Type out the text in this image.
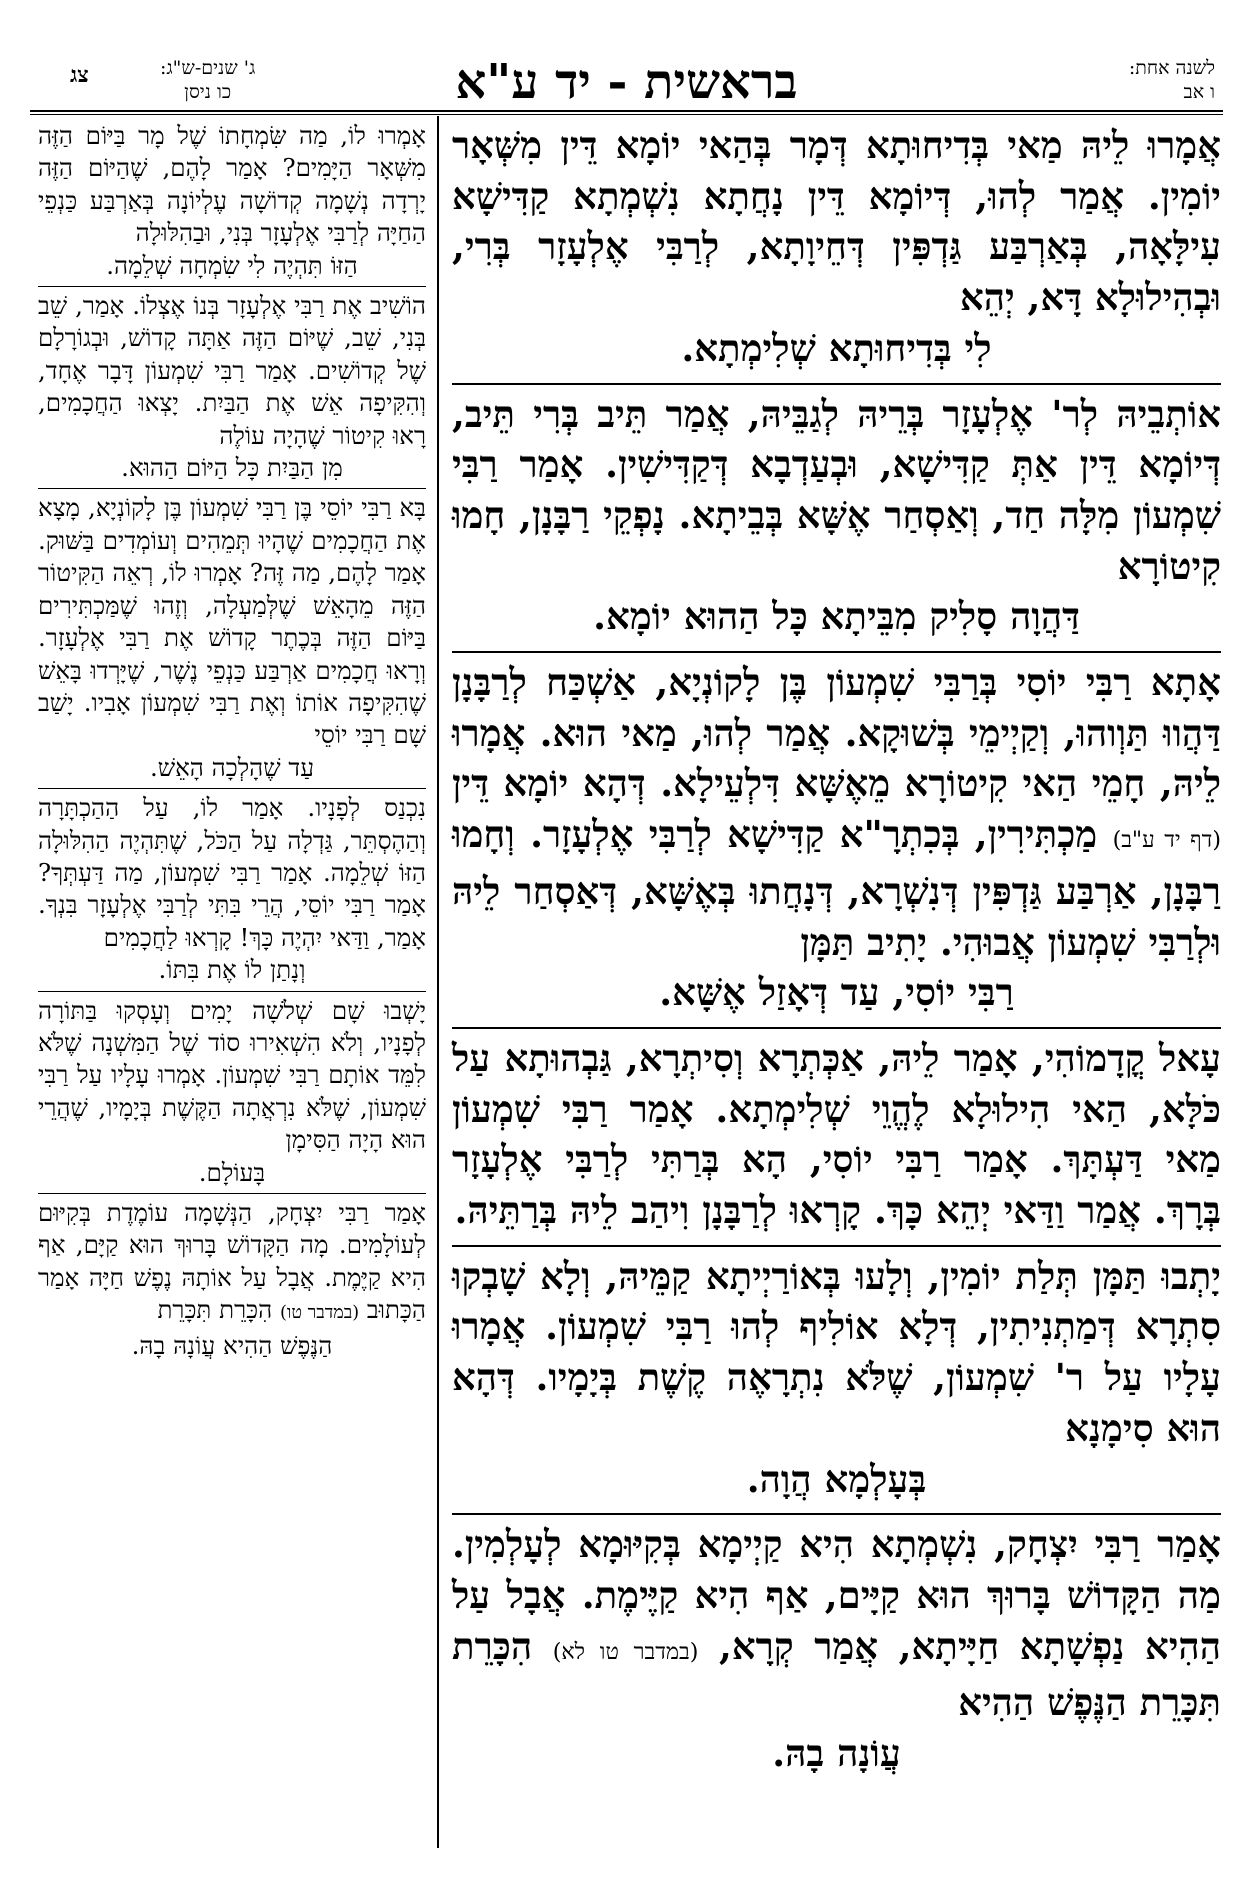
לשנה אחת:
ו אב
בראשית - יד ע"א
ג' שנים-ש"ג:
כו ניסן
צג

אֲמָרוּ לֵיהּ מַאי בְּדִיחוּתָא דְּמָר בְּהַאי יוֹמָא דֵּין מִשְּׁאָר יוֹמִין. אֲמַר לְהוּ, דְּיוֹמָא דֵּין נָחֲתָא נִשְׁמְתָא קַדִּישָׁא עִילָּאָה, בְּאַרְבַּע גַּדְפִּין דְּחֵיוָתָא, לְרַבִּי אֶלְעָזָר בְּרִי, וּבְהִילוּלָא דָּא, יְהֵא
לִי בְּדִיחוּתָא שְׁלִימְתָא.

אוֹתְבֵיהּ לְר' אֶלְעָזָר בְּרֵיהּ לְגַבֵּיהּ, אֲמַר תֵּיב בְּרִי תֵּיב, דְּיוֹמָא דֵּין אַתְּ קַדִּישָׁא, וּבְעַדְבָא דְּקַדִּישִׁין. אָמַר רַבִּי שִׁמְעוֹן מִלָּה חַד, וְאַסְחַר אֶשָּׁא בְּבֵיתָא. נָפְקֵי רַבָּנָן, חָמוּ קִיטוֹרָא
דַּהֲוָה סָלִיק מִבֵּיתָא כָּל הַהוּא יוֹמָא.

אָתָא רַבִּי יוֹסִי בְּרַבִּי שִׁמְעוֹן בֶּן לָקוֹנְיָא, אַשְׁכַּח לְרַבָּנָן דַּהֲווּ תַּוְוהוּ, וְקַיְימֵי בְּשׁוּקָא. אֲמַר לְהוּ, מַאי הוּא. אֲמָרוּ לֵיהּ, חָמֵי הַאי קִיטוֹרָא מֵאֶשָּׁא דִּלְעֵילָא. דְּהָא יוֹמָא דֵּין (דף יד ע"ב) מַכְתִּירִין, בְּכִתְרָ"א קַדִּישָׁא לְרַבִּי אֶלְעָזָר. וְחָמוּ רַבָּנָן, אַרְבַּע גַּדְפִּין דְּנִשְׁרָא, דְּנָחֲתוּ בְּאֶשָּׁא, דְּאַסְחַר לֵיהּ וּלְרַבִּי שִׁמְעוֹן אֲבוּהִי. יָתִיב תַּמָּן
רַבִּי יוֹסִי, עַד דְּאָזַל אֶשָּׁא.

עָאל קֳדָמוֹהִי, אָמַר לֵיהּ, אַכְּתְרָא וְסִיתְרָא, גַּבְהוּתָא עַל כֹּלָּא, הַאי הִילוּלָא לֶהֱוֵי שְׁלִימְתָא. אָמַר רַבִּי שִׁמְעוֹן מַאי דַּעְתָּךְ. אָמַר רַבִּי יוֹסִי, הָא בְּרַתִּי לְרַבִּי אֶלְעָזָר בְּרָךְ. אֲמַר וַדַּאי יְהֵא כָּךְ. קָרְאוּ לְרַבָּנָן וִיהַב לֵיהּ בְּרַתֵּיהּ.

יָתְבוּ תַּמָּן תְּלַת יוֹמִין, וְלָעוּ בְּאוֹרַיְיתָא קַמֵּיהּ, וְלָא שָׁבְקוּ סִתְרָא דְּמַתְנִיתִין, דְּלָא אוֹלִיף לְהוּ רַבִּי שִׁמְעוֹן. אֲמָרוּ עָלָיו עַל ר' שִׁמְעוֹן, שֶׁלֹּא נִתְרָאֶה קֶשֶׁת בְּיָמָיו. דְּהָא הוּא סִימָנָא
בְּעָלְמָא הֲוָה.

אָמַר רַבִּי יִצְחָק, נִשְׁמְתָא הִיא קַיְימָא בְּקִיּוּמָא לְעָלְמִין. מַה הַקָּדוֹשׁ בָּרוּךְ הוּא קַיָּים, אַף הִיא קַיֶּימֶת. אֲבָל עַל הַהִיא נַפְשָׁתָא חַיָּיתָא, אֲמַר קְרָא, (במדבר טו לא) הִכָּרֵת תִּכָּרֵת הַנֶּפֶשׁ הַהִיא
עֲוֹנָה בָהּ.

אָמְרוּ לוֹ, מַה שִּׂמְחָתוֹ שֶׁל מָר בַּיּוֹם הַזֶּה מִשְּׁאָר הַיָּמִים? אָמַר לָהֶם, שֶׁהַיּוֹם הַזֶּה יָרְדָה נְשָׁמָה קְדוֹשָׁה עֶלְיוֹנָה בְּאַרְבַּע כַּנְפֵי הַחַיָּה לְרַבִּי אֶלְעָזָר בְּנִי, וּבַהִלּוּלָה
הַזּוֹ תִּהְיֶה לִי שִׂמְחָה שְׁלֵמָה.

הוֹשִׁיב אֶת רַבִּי אֶלְעָזָר בְּנוֹ אֶצְלוֹ. אָמַר, שֵׁב בְּנִי, שֵׁב, שֶׁיּוֹם הַזֶּה אַתָּה קָדוֹשׁ, וּבְגוֹרָלָם שֶׁל קְדוֹשִׁים. אָמַר רַבִּי שִׁמְעוֹן דָּבָר אֶחָד, וְהִקִּיפָה אֵשׁ אֶת הַבַּיִת. יָצְאוּ הַחֲכָמִים, רָאוּ קִיטוֹר שֶׁהָיָה עוֹלֶה
מִן הַבַּיִת כָּל הַיּוֹם הַהוּא.

בָּא רַבִּי יוֹסֵי בֶּן רַבִּי שִׁמְעוֹן בֶּן לָקוֹנְיָא, מָצָא אֶת הַחֲכָמִים שֶׁהָיוּ תְּמֵהִים וְעוֹמְדִים בַּשּׁוּק. אָמַר לָהֶם, מַה זֶּה? אָמְרוּ לוֹ, רְאֵה הַקִּיטוֹר הַזֶּה מֵהָאֵשׁ שֶׁלְּמַעְלָה, וְזֶהוּ שֶׁמַּכְתִּירִים בַּיּוֹם הַזֶּה בְּכֶתֶר קָדוֹשׁ אֶת רַבִּי אֶלְעָזָר. וְרָאוּ חֲכָמִים אַרְבַּע כַּנְפֵי נֶשֶׁר, שֶׁיָּרְדוּ בָּאֵשׁ שֶׁהִקִּיפָה אוֹתוֹ וְאֶת רַבִּי שִׁמְעוֹן אָבִיו. יָשַׁב שָׁם רַבִּי יוֹסֵי
עַד שֶׁהָלְכָה הָאֵשׁ.

נִכְנַס לְפָנָיו. אָמַר לוֹ, עַל הַהַכְתָּרָה וְהַהֶסְתֵּר, גַּדְלָה עַל הַכֹּל, שֶׁתִּהְיֶה הַהִלּוּלָה הַזּוֹ שְׁלֵמָה. אָמַר רַבִּי שִׁמְעוֹן, מַה דַּעְתְּךָ? אָמַר רַבִּי יוֹסֵי, הֲרֵי בִּתִּי לְרַבִּי אֶלְעָזָר בִּנְךָ. אָמַר, וַדַּאי יִהְיֶה כָּךְ! קָרְאוּ לַחֲכָמִים
וְנָתַן לוֹ אֶת בִּתּוֹ.

יָשְׁבוּ שָׁם שְׁלֹשָׁה יָמִים וְעָסְקוּ בַּתּוֹרָה לְפָנָיו, וְלֹא הִשְׁאִירוּ סוֹד שֶׁל הַמִּשְׁנָה שֶׁלֹּא לִמֵּד אוֹתָם רַבִּי שִׁמְעוֹן. אָמְרוּ עָלָיו עַל רַבִּי שִׁמְעוֹן, שֶׁלֹּא נִרְאֲתָה הַקֶּשֶׁת בְּיָמָיו, שֶׁהֲרֵי הוּא הָיָה הַסִּימָן
בָּעוֹלָם.

אָמַר רַבִּי יִצְחָק, הַנְּשָׁמָה עוֹמֶדֶת בְּקִיּוּם לְעוֹלָמִים. מָה הַקָּדוֹשׁ בָּרוּךְ הוּא קַיָּם, אַף הִיא קַיֶּמֶת. אֲבָל עַל אוֹתָהּ נֶפֶשׁ חַיָּה אָמַר הַכָּתוּב (במדבר טו) הִכָּרֵת תִּכָּרֵת
הַנֶּפֶשׁ הַהִיא עֲוֹנָהּ בָהּ.
